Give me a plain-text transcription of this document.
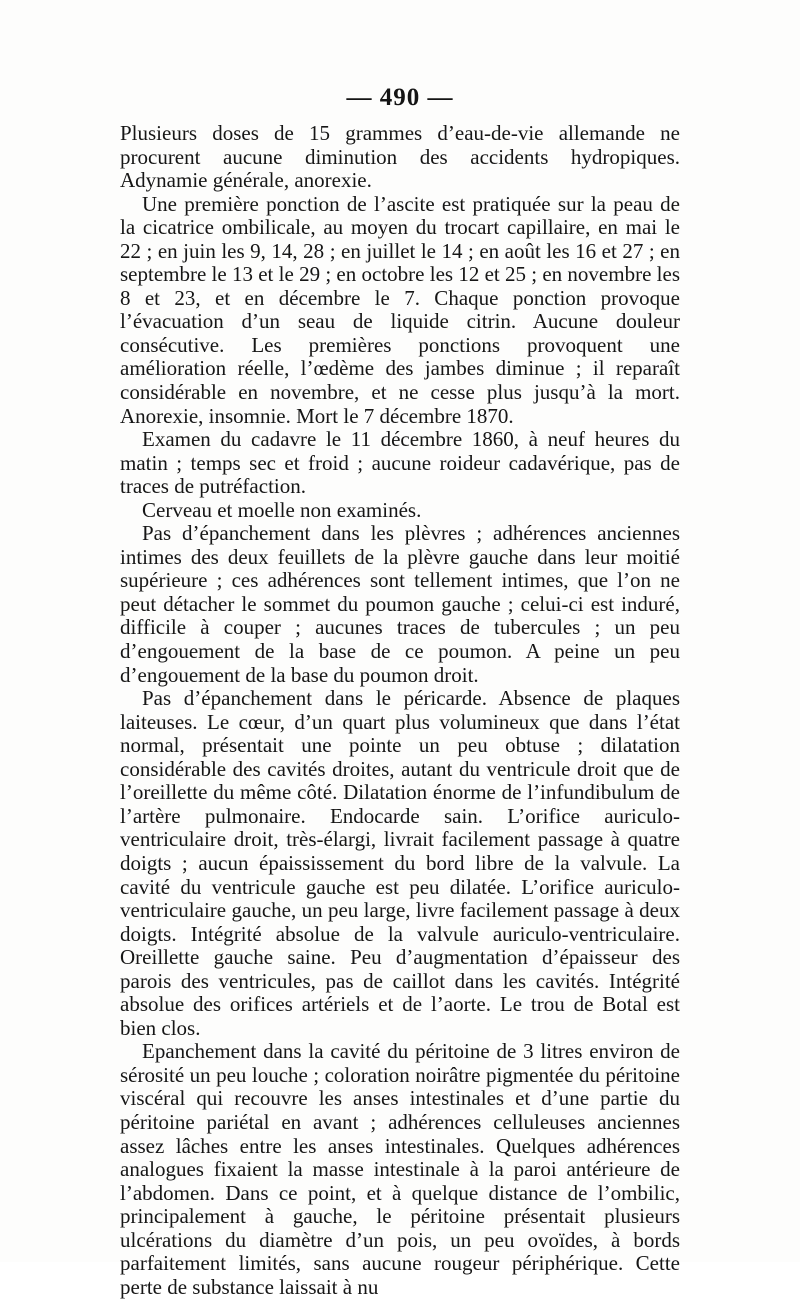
— 490 —

Plusieurs doses de 15 grammes d’eau-de-vie allemande ne procurent aucune diminution des accidents hydropiques. Adynamie générale, anorexie.

Une première ponction de l’ascite est pratiquée sur la peau de la cicatrice ombilicale, au moyen du trocart capillaire, en mai le 22 ; en juin les 9, 14, 28 ; en juillet le 14 ; en août les 16 et 27 ; en septembre le 13 et le 29 ; en octobre les 12 et 25 ; en novembre les 8 et 23, et en décembre le 7. Chaque ponction provoque l’évacuation d’un seau de liquide citrin. Aucune douleur consécutive. Les premières ponctions provoquent une amélioration réelle, l’œdème des jambes diminue ; il reparaît considérable en novembre, et ne cesse plus jusqu’à la mort. Anorexie, insomnie. Mort le 7 décembre 1870.

Examen du cadavre le 11 décembre 1860, à neuf heures du matin ; temps sec et froid ; aucune roideur cadavérique, pas de traces de putréfaction.

Cerveau et moelle non examinés.

Pas d’épanchement dans les plèvres ; adhérences anciennes intimes des deux feuillets de la plèvre gauche dans leur moitié supérieure ; ces adhérences sont tellement intimes, que l’on ne peut détacher le sommet du poumon gauche ; celui-ci est induré, difficile à couper ; aucunes traces de tubercules ; un peu d’engouement de la base de ce poumon. A peine un peu d’engouement de la base du poumon droit.

Pas d’épanchement dans le péricarde. Absence de plaques laiteuses. Le cœur, d’un quart plus volumineux que dans l’état normal, présentait une pointe un peu obtuse ; dilatation considérable des cavités droites, autant du ventricule droit que de l’oreillette du même côté. Dilatation énorme de l’infundibulum de l’artère pulmonaire. Endocarde sain. L’orifice auriculo-ventriculaire droit, très-élargi, livrait facilement passage à quatre doigts ; aucun épaississement du bord libre de la valvule. La cavité du ventricule gauche est peu dilatée. L’orifice auriculo-ventriculaire gauche, un peu large, livre facilement passage à deux doigts. Intégrité absolue de la valvule auriculo-ventriculaire. Oreillette gauche saine. Peu d’augmentation d’épaisseur des parois des ventricules, pas de caillot dans les cavités. Intégrité absolue des orifices artériels et de l’aorte. Le trou de Botal est bien clos.

Epanchement dans la cavité du péritoine de 3 litres environ de sérosité un peu louche ; coloration noirâtre pigmentée du péritoine viscéral qui recouvre les anses intestinales et d’une partie du péritoine pariétal en avant ; adhérences celluleuses anciennes assez lâches entre les anses intestinales. Quelques adhérences analogues fixaient la masse intestinale à la paroi antérieure de l’abdomen. Dans ce point, et à quelque distance de l’ombilic, principalement à gauche, le péritoine présentait plusieurs ulcérations du diamètre d’un pois, un peu ovoïdes, à bords parfaitement limités, sans aucune rougeur périphérique. Cette perte de substance laissait à nu
